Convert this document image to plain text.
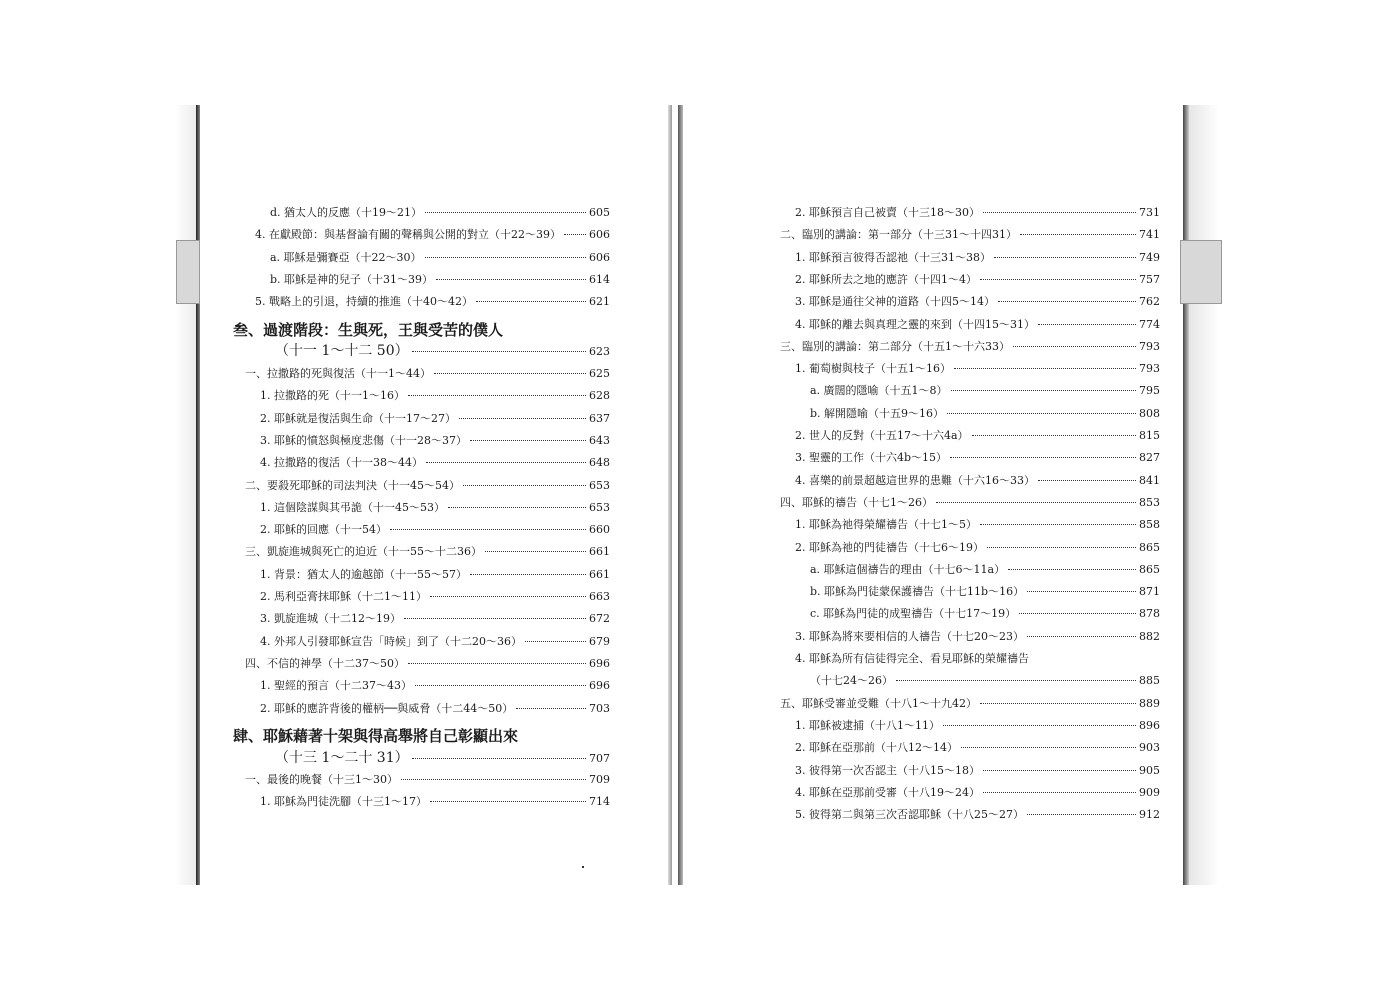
d. 猶太人的反應（十19～21）	605
4. 在獻殿節：與基督論有關的聲稱與公開的對立（十22～39）	606
a. 耶穌是彌賽亞（十22～30）	606
b. 耶穌是神的兒子（十31～39）	614
5. 戰略上的引退，持續的推進（十40～42）	621
叁、過渡階段：生與死，王與受苦的僕人
（十一 1～十二 50）	623
一、拉撒路的死與復活（十一1～44）	625
1. 拉撒路的死（十一1～16）	628
2. 耶穌就是復活與生命（十一17～27）	637
3. 耶穌的憤怒與極度悲傷（十一28～37）	643
4. 拉撒路的復活（十一38～44）	648
二、要殺死耶穌的司法判決（十一45～54）	653
1. 這個陰謀與其弔詭（十一45～53）	653
2. 耶穌的回應（十一54）	660
三、凱旋進城與死亡的迫近（十一55～十二36）	661
1. 背景：猶太人的逾越節（十一55～57）	661
2. 馬利亞膏抹耶穌（十二1～11）	663
3. 凱旋進城（十二12～19）	672
4. 外邦人引發耶穌宣告「時候」到了（十二20～36）	679
四、不信的神學（十二37～50）	696
1. 聖經的預言（十二37～43）	696
2. 耶穌的應許背後的權柄──與威脅（十二44～50）	703
肆、耶穌藉著十架與得高舉將自己彰顯出來
（十三 1～二十 31）	707
一、最後的晚餐（十三1～30）	709
1. 耶穌為門徒洗腳（十三1～17）	714
2. 耶穌預言自己被賣（十三18～30）	731
二、臨別的講論：第一部分（十三31～十四31）	741
1. 耶穌預言彼得否認祂（十三31～38）	749
2. 耶穌所去之地的應許（十四1～4）	757
3. 耶穌是通往父神的道路（十四5～14）	762
4. 耶穌的離去與真理之靈的來到（十四15～31）	774
三、臨別的講論：第二部分（十五1～十六33）	793
1. 葡萄樹與枝子（十五1～16）	793
a. 廣闊的隱喻（十五1～8）	795
b. 解開隱喻（十五9～16）	808
2. 世人的反對（十五17～十六4a）	815
3. 聖靈的工作（十六4b～15）	827
4. 喜樂的前景超越這世界的患難（十六16～33）	841
四、耶穌的禱告（十七1～26）	853
1. 耶穌為祂得榮耀禱告（十七1～5）	858
2. 耶穌為祂的門徒禱告（十七6～19）	865
a. 耶穌這個禱告的理由（十七6～11a）	865
b. 耶穌為門徒蒙保護禱告（十七11b～16）	871
c. 耶穌為門徒的成聖禱告（十七17～19）	878
3. 耶穌為將來要相信的人禱告（十七20～23）	882
4. 耶穌為所有信徒得完全、看見耶穌的榮耀禱告
（十七24～26）	885
五、耶穌受審並受難（十八1～十九42）	889
1. 耶穌被逮捕（十八1～11）	896
2. 耶穌在亞那前（十八12～14）	903
3. 彼得第一次否認主（十八15～18）	905
4. 耶穌在亞那前受審（十八19～24）	909
5. 彼得第二與第三次否認耶穌（十八25～27）	912
